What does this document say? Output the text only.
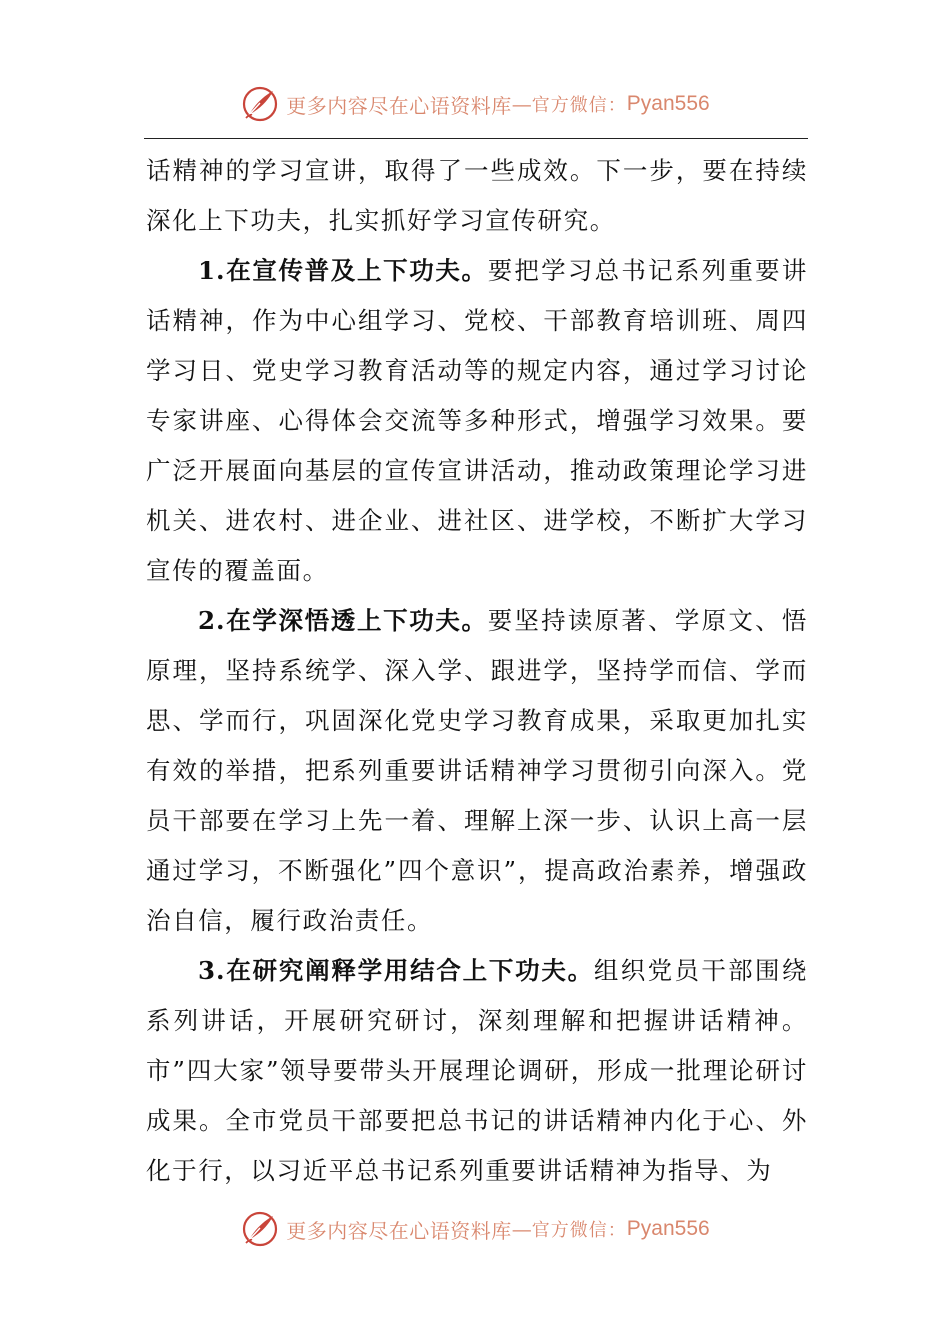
更多内容尽在心语资料库 — 官方微信： Pyan556

话精神的学习宣讲，取得了一些成效。下一步，要在持续深化上下功夫，扎实抓好学习宣传研究。

1.在宣传普及上下功夫。要把学习总书记系列重要讲话精神，作为中心组学习、党校、干部教育培训班、周四学习日、党史学习教育活动等的规定内容，通过学习讨论专家讲座、心得体会交流等多种形式，增强学习效果。要广泛开展面向基层的宣传宣讲活动，推动政策理论学习进机关、进农村、进企业、进社区、进学校，不断扩大学习宣传的覆盖面。

2.在学深悟透上下功夫。要坚持读原著、学原文、悟原理，坚持系统学、深入学、跟进学，坚持学而信、学而思、学而行，巩固深化党史学习教育成果，采取更加扎实有效的举措，把系列重要讲话精神学习贯彻引向深入。党员干部要在学习上先一着、理解上深一步、认识上高一层通过学习，不断强化”四个意识”，提高政治素养，增强政治自信，履行政治责任。

3.在研究阐释学用结合上下功夫。组织党员干部围绕系列讲话，开展研究研讨，深刻理解和把握讲话精神。市”四大家”领导要带头开展理论调研，形成一批理论研讨成果。全市党员干部要把总书记的讲话精神内化于心、外化于行，以习近平总书记系列重要讲话精神为指导、为

更多内容尽在心语资料库 — 官方微信： Pyan556
